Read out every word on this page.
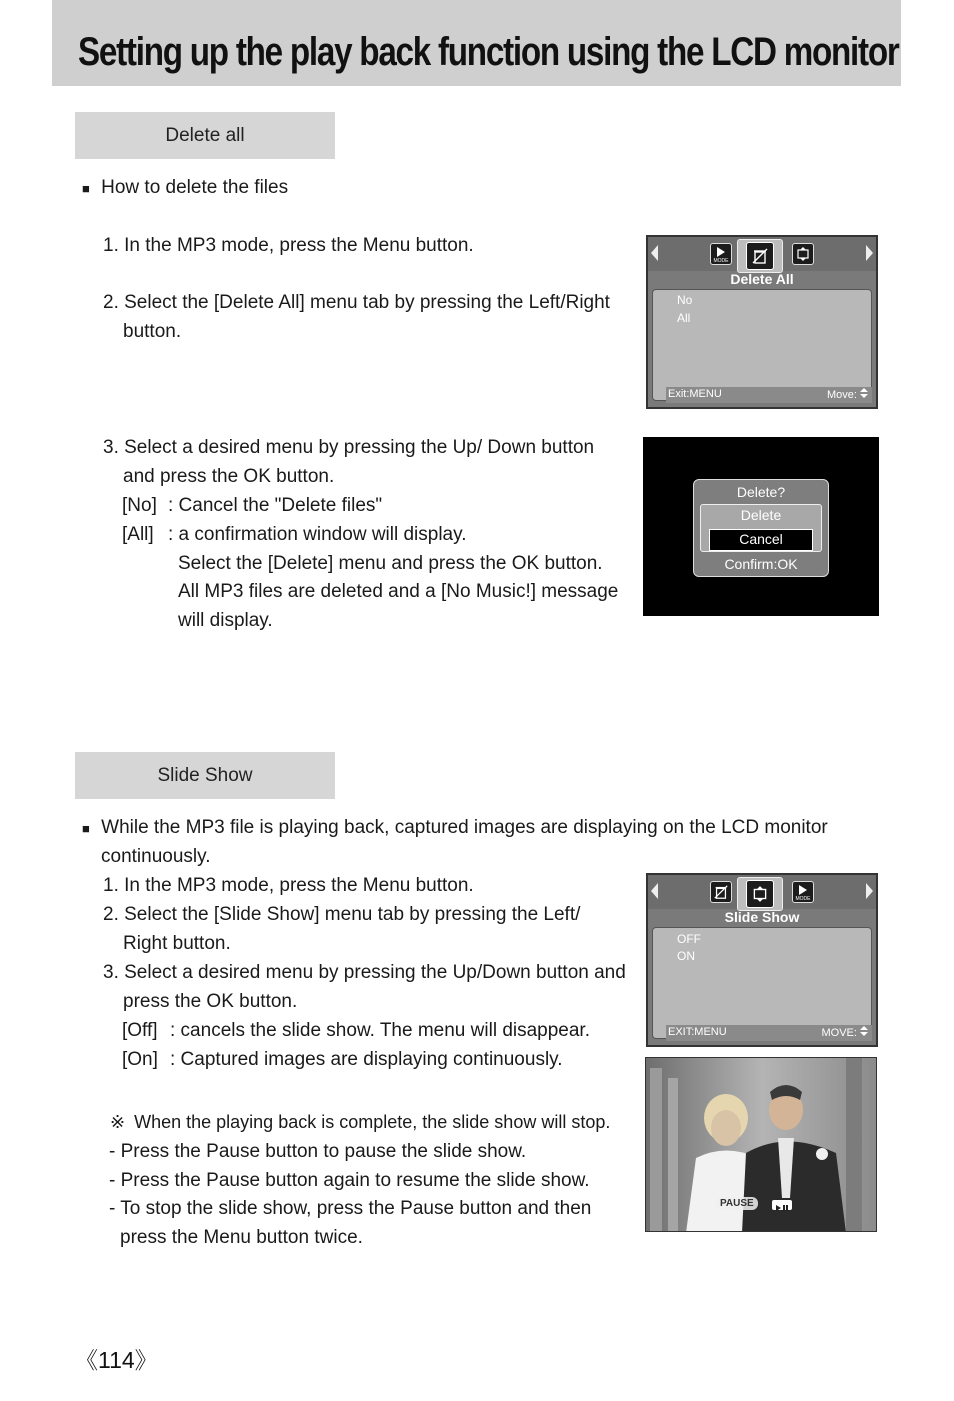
Setting up the play back function using the LCD monitor
Delete all
■ How to delete the files
1. In the MP3 mode, press the Menu button.
2. Select the [Delete All] menu tab by pressing the Left/Right
button.
3. Select a desired menu by pressing the Up/ Down button
and press the OK button.
[No] : Cancel the "Delete files"
[All] : a confirmation window will display.
Select the [Delete] menu and press the OK button.
All MP3 files are deleted and a [No Music!] message
will display.
MODE
Delete All
No
All
Exit:MENU	Move:
Delete?
Delete
Cancel
Confirm:OK
Slide Show
■ While the MP3 file is playing back, captured images are displaying on the LCD monitor
continuously.
1. In the MP3 mode, press the Menu button.
2. Select the [Slide Show] menu tab by pressing the Left/
Right button.
3. Select a desired menu by pressing the Up/Down button and
press the OK button.
[Off] : cancels the slide show. The menu will disappear.
[On] : Captured images are displaying continuously.
※ When the playing back is complete, the slide show will stop.
- Press the Pause button to pause the slide show.
- Press the Pause button again to resume the slide show.
- To stop the slide show, press the Pause button and then
press the Menu button twice.
MODE
Slide Show
OFF
ON
EXIT:MENU	MOVE:
PAUSE
《114》
